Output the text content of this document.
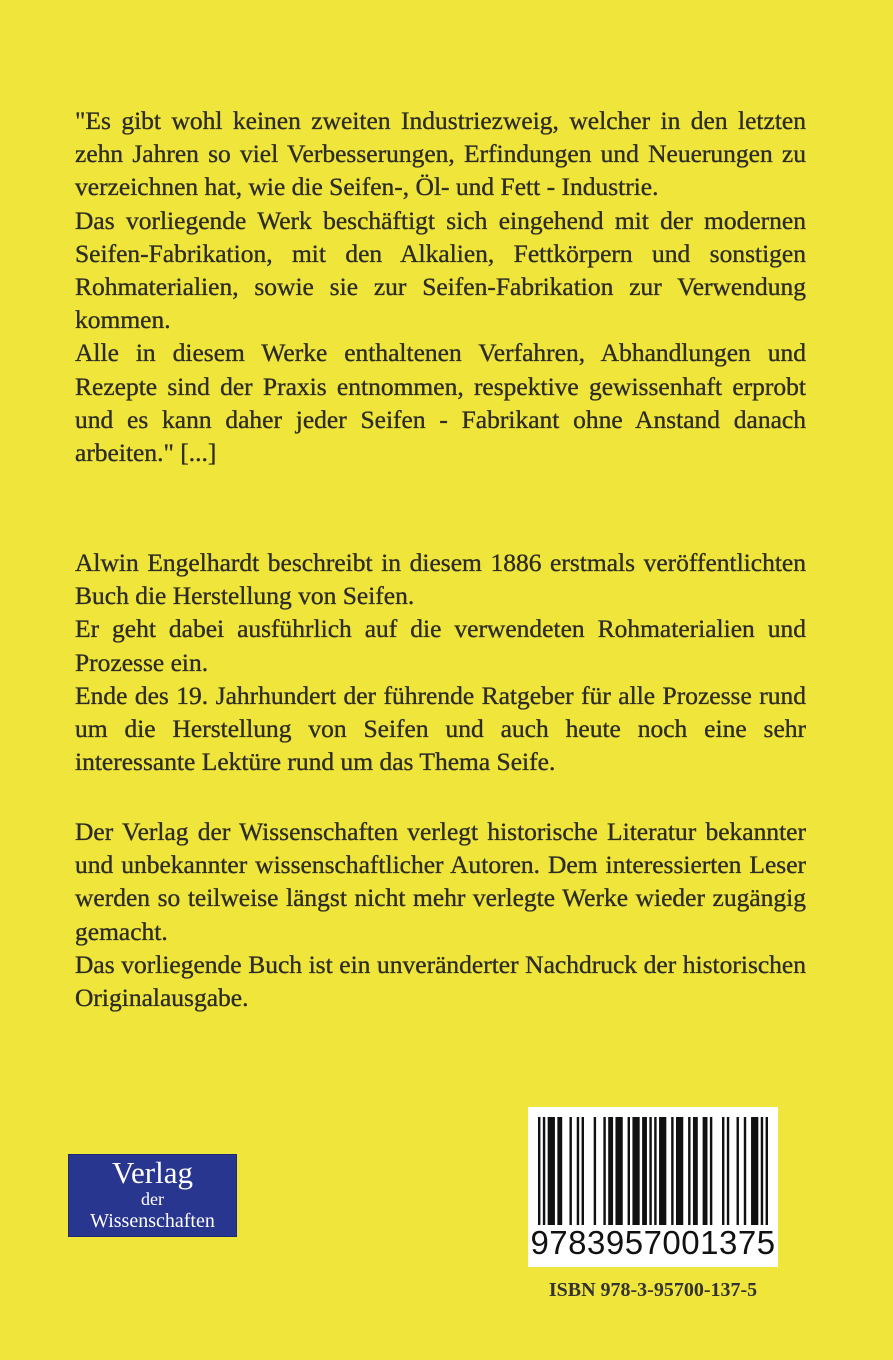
"Es gibt wohl keinen zweiten Industriezweig, welcher in den letzten zehn Jahren so viel Verbesserungen, Erfindungen und Neuerungen zu verzeichnen hat, wie die Seifen-, Öl- und Fett - Industrie.

Das vorliegende Werk beschäftigt sich eingehend mit der modernen Seifen-Fabrikation, mit den Alkalien, Fettkörpern und sonstigen Rohmaterialien, sowie sie zur Seifen-Fabrikation zur Verwendung kommen.

Alle in diesem Werke enthaltenen Verfahren, Abhandlungen und Rezepte sind der Praxis entnommen, respektive gewissenhaft erprobt und es kann daher jeder Seifen - Fabrikant ohne Anstand danach arbeiten." [...]

Alwin Engelhardt beschreibt in diesem 1886 erstmals veröffentlichten Buch die Herstellung von Seifen.

Er geht dabei ausführlich auf die verwendeten Rohmaterialien und Prozesse ein.

Ende des 19. Jahrhundert der führende Ratgeber für alle Prozesse rund um die Herstellung von Seifen und auch heute noch eine sehr interessante Lektüre rund um das Thema Seife.

Der Verlag der Wissenschaften verlegt historische Literatur bekannter und unbekannter wissenschaftlicher Autoren. Dem interessierten Leser werden so teilweise längst nicht mehr verlegte Werke wieder zugängig gemacht.

Das vorliegende Buch ist ein unveränderter Nachdruck der historischen Originalausgabe.

Verlag
der
Wissenschaften
9783957001375
ISBN 978-3-95700-137-5
